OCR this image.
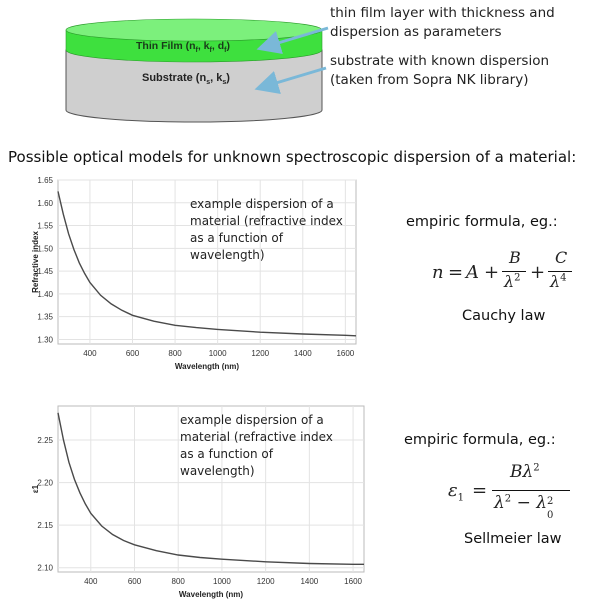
Thin Film ($n_f$, $k_f$, $d_f$)
Substrate ($n_s$, $k_s$)
thin film layer with thickness and
dispersion as parameters
substrate with known dispersion
(taken from Sopra NK library)
Possible optical models for unknown spectroscopic dispersion of a material:
400	600	800	1000	1200	1400	1600
1.30
1.35
1.40
1.45
1.50
1.55
1.60
1.65
Wavelength (nm)
Refractive index
example dispersion of a
material (refractive index
as a function of
wavelength)
400	600	800	1000	1200	1400	1600
2.10
2.15
2.20
2.25
Wavelength (nm)
ε1
example dispersion of a
material (refractive index
as a function of
wavelength)
empiric formula, eg.:
n = A +
B
$\lambda^2$ +
C
$\lambda^4$
Cauchy law
empiric formula, eg.:
$\varepsilon_1$ =
$B\lambda^2$
$\lambda^2 - \lambda$ 2
0
Sellmeier law
